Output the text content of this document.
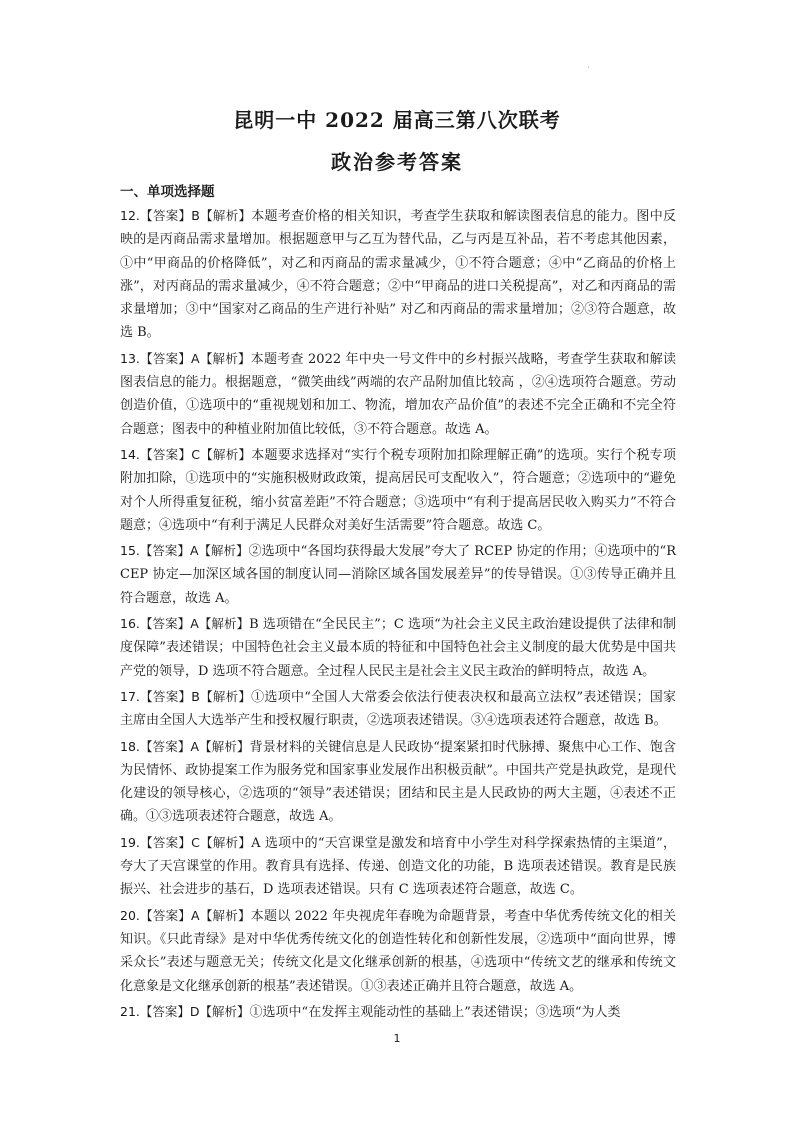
'
昆明一中 2022 届高三第八次联考
政治参考答案
一、单项选择题

12.【答案】B【解析】本题考查价格的相关知识，考查学生获取和解读图表信息的能力。图中反映的是丙商品需求量增加。根据题意甲与乙互为替代品，乙与丙是互补品，若不考虑其他因素，①中“甲商品的价格降低”，对乙和丙商品的需求量减少，①不符合题意；④中“乙商品的价格上涨”，对丙商品的需求量减少，④不符合题意；②中“甲商品的进口关税提高”，对乙和丙商品的需求量增加；③中“国家对乙商品的生产进行补贴” 对乙和丙商品的需求量增加；②③符合题意，故选 B。

13.【答案】A【解析】本题考查 2022 年中央一号文件中的乡村振兴战略，考查学生获取和解读图表信息的能力。根据题意，“微笑曲线”两端的农产品附加值比较高 ，②④选项符合题意。劳动创造价值，①选项中的“重视规划和加工、物流，增加农产品价值”的表述不完全正确和不完全符合题意；图表中的种植业附加值比较低，③不符合题意。故选 A。

14.【答案】C【解析】本题要求选择对“实行个税专项附加扣除理解正确”的选项。实行个税专项附加扣除，①选项中的“实施积极财政政策，提高居民可支配收入”，符合题意；②选项中的“避免对个人所得重复征税，缩小贫富差距”不符合题意；③选项中“有利于提高居民收入购买力”不符合题意；④选项中“有利于满足人民群众对美好生活需要”符合题意。故选 C。

15.【答案】A【解析】②选项中“各国均获得最大发展”夸大了 RCEP 协定的作用；④选项中的“RCEP 协定—加深区域各国的制度认同—消除区域各国发展差异”的传导错误。①③传导正确并且符合题意，故选 A。

16.【答案】A【解析】B 选项错在“全民民主”；C 选项“为社会主义民主政治建设提供了法律和制度保障”表述错误；中国特色社会主义最本质的特征和中国特色社会主义制度的最大优势是中国共产党的领导，D 选项不符合题意。全过程人民民主是社会主义民主政治的鲜明特点，故选 A。

17.【答案】B【解析】①选项中“全国人大常委会依法行使表决权和最高立法权”表述错误；国家主席由全国人大选举产生和授权履行职责，②选项表述错误。③④选项表述符合题意，故选 B。

18.【答案】A【解析】背景材料的关键信息是人民政协“提案紧扣时代脉搏、聚焦中心工作、饱含为民情怀、政协提案工作为服务党和国家事业发展作出积极贡献”。中国共产党是执政党，是现代化建设的领导核心，②选项的“领导”表述错误；团结和民主是人民政协的两大主题，④表述不正确。①③选项表述符合题意，故选 A。

19.【答案】C【解析】A 选项中的“天宫课堂是激发和培育中小学生对科学探索热情的主渠道”，夸大了天宫课堂的作用。教育具有选择、传递、创造文化的功能，B 选项表述错误。教育是民族振兴、社会进步的基石，D 选项表述错误。只有 C 选项表述符合题意，故选 C。

20.【答案】A【解析】本题以 2022 年央视虎年春晚为命题背景，考查中华优秀传统文化的相关知识。《只此青绿》是对中华优秀传统文化的创造性转化和创新性发展，②选项中“面向世界，博采众长”表述与题意无关；传统文化是文化继承创新的根基，④选项中“传统文艺的继承和传统文化意象是文化继承创新的根基”表述错误。①③表述正确并且符合题意，故选 A。

21.【答案】D【解析】①选项中“在发挥主观能动性的基础上”表述错误；③选项“为人类

1
